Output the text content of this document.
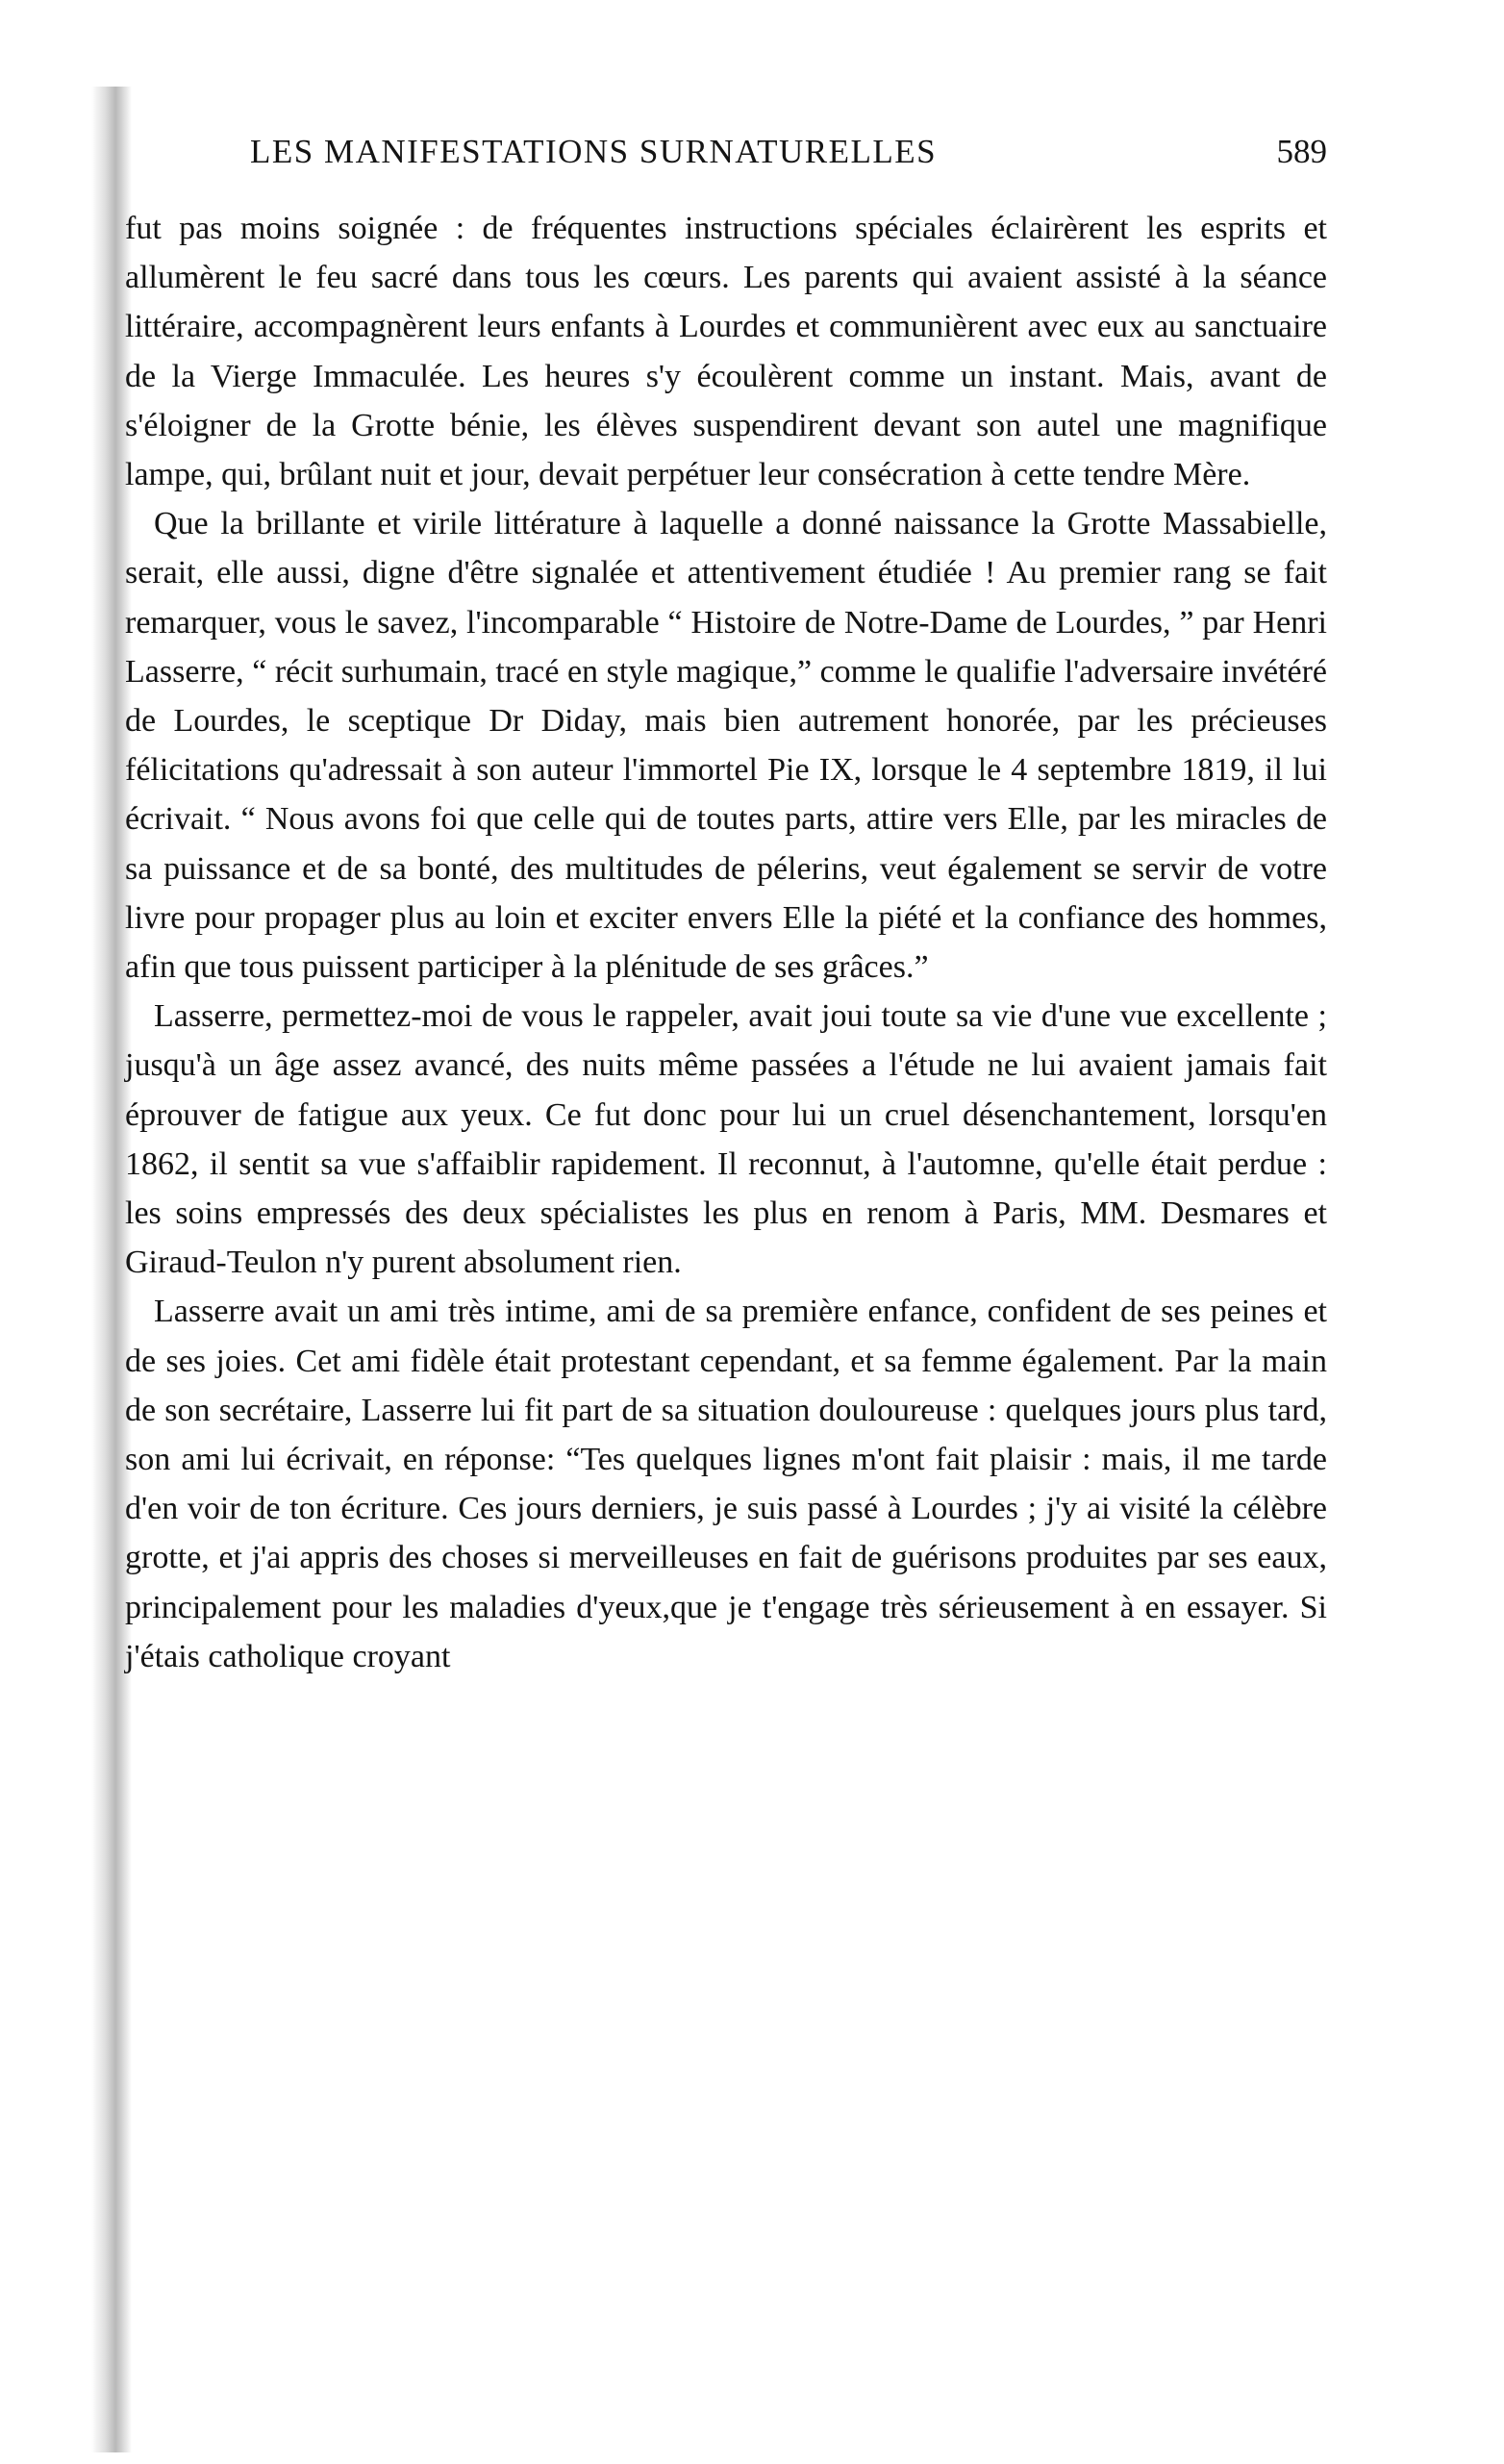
LES MANIFESTATIONS SURNATURELLES	589

fut pas moins soignée : de fréquentes instructions spéciales éclairèrent les esprits et allumèrent le feu sacré dans tous les cœurs. Les parents qui avaient assisté à la séance littéraire, accompagnèrent leurs enfants à Lourdes et communièrent avec eux au sanctuaire de la Vierge Immaculée. Les heures s'y écoulèrent comme un instant. Mais, avant de s'éloigner de la Grotte bénie, les élèves suspendirent devant son autel une magnifique lampe, qui, brûlant nuit et jour, devait perpétuer leur consécration à cette tendre Mère.

Que la brillante et virile littérature à laquelle a donné naissance la Grotte Massabielle, serait, elle aussi, digne d'être signalée et attentivement étudiée ! Au premier rang se fait remarquer, vous le savez, l'incomparable “ Histoire de Notre-Dame de Lourdes, ” par Henri Lasserre, “ récit surhumain, tracé en style magique,” comme le qualifie l'adversaire invétéré de Lourdes, le sceptique Dr Diday, mais bien autrement honorée, par les précieuses félicitations qu'adressait à son auteur l'immortel Pie IX, lorsque le 4 septembre 1819, il lui écrivait. “ Nous avons foi que celle qui de toutes parts, attire vers Elle, par les miracles de sa puissance et de sa bonté, des multitudes de pélerins, veut également se servir de votre livre pour propager plus au loin et exciter envers Elle la piété et la confiance des hommes, afin que tous puissent participer à la plénitude de ses grâces.”

Lasserre, permettez-moi de vous le rappeler, avait joui toute sa vie d'une vue excellente ; jusqu'à un âge assez avancé, des nuits même passées a l'étude ne lui avaient jamais fait éprouver de fatigue aux yeux. Ce fut donc pour lui un cruel désenchantement, lorsqu'en 1862, il sentit sa vue s'affaiblir rapidement. Il reconnut, à l'automne, qu'elle était perdue : les soins empressés des deux spécialistes les plus en renom à Paris, MM. Desmares et Giraud-Teulon n'y purent absolument rien.

Lasserre avait un ami très intime, ami de sa première enfance, confident de ses peines et de ses joies. Cet ami fidèle était protestant cependant, et sa femme également. Par la main de son secrétaire, Lasserre lui fit part de sa situation douloureuse : quelques jours plus tard, son ami lui écrivait, en réponse: “Tes quelques lignes m'ont fait plaisir : mais, il me tarde d'en voir de ton écriture. Ces jours derniers, je suis passé à Lourdes ; j'y ai visité la célèbre grotte, et j'ai appris des choses si merveilleuses en fait de guérisons produites par ses eaux, principalement pour les maladies d'yeux,que je t'engage très sérieusement à en essayer. Si j'étais catholique croyant
